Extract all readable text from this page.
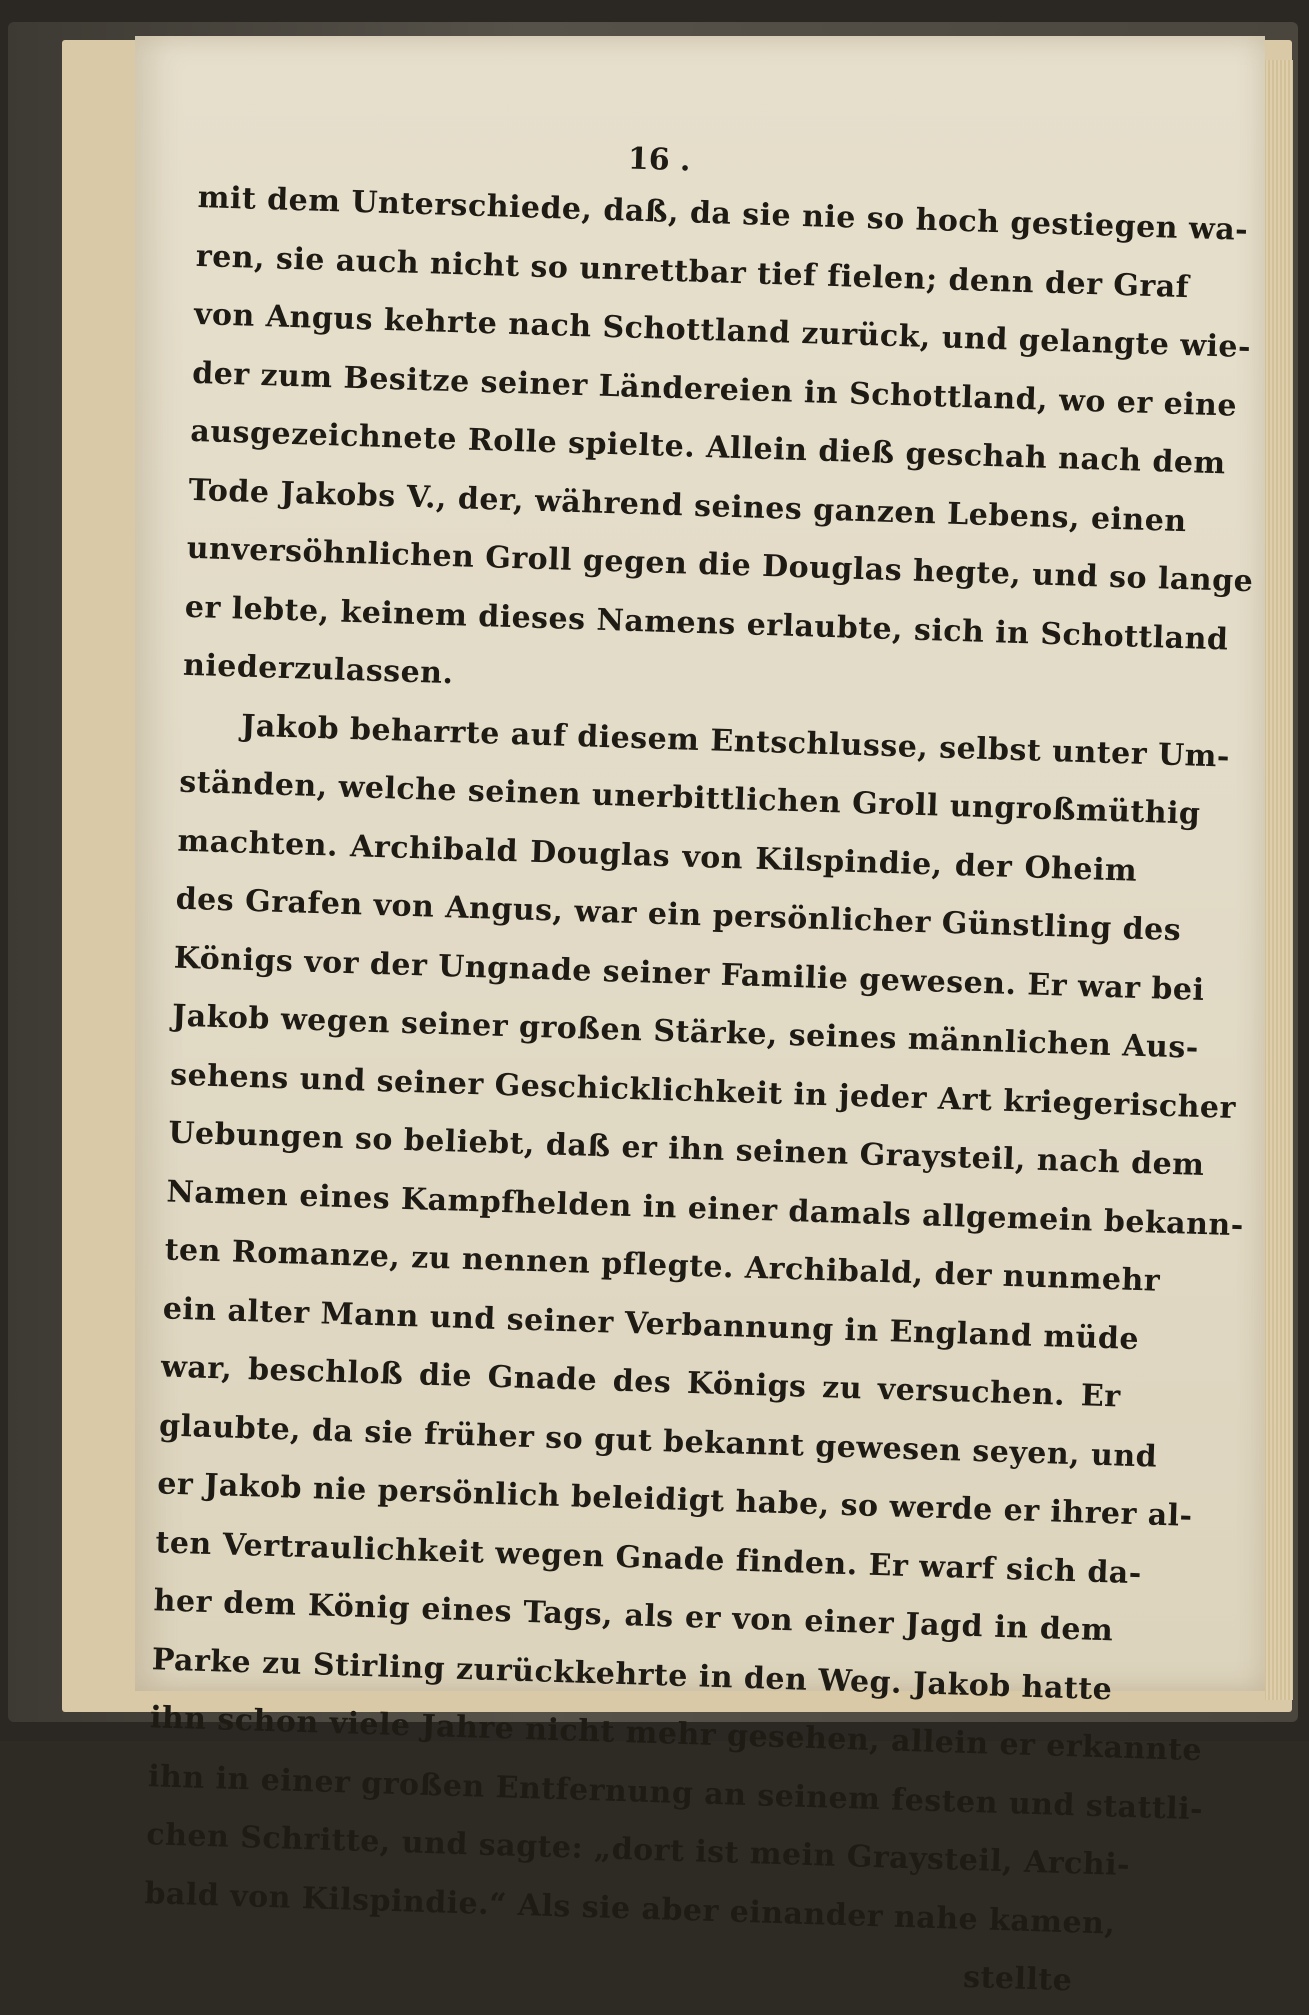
16 .
mit dem Unterschiede, daß, da sie nie so hoch gestiegen wa-
ren, sie auch nicht so unrettbar tief fielen; denn der Graf
von Angus kehrte nach Schottland zurück, und gelangte wie-
der zum Besitze seiner Ländereien in Schottland, wo er eine
ausgezeichnete Rolle spielte. Allein dieß geschah nach dem
Tode Jakobs V., der, während seines ganzen Lebens, einen
unversöhnlichen Groll gegen die Douglas hegte, und so lange
er lebte, keinem dieses Namens erlaubte, sich in Schottland
niederzulassen.
Jakob beharrte auf diesem Entschlusse, selbst unter Um-
ständen, welche seinen unerbittlichen Groll ungroßmüthig
machten. Archibald Douglas von Kilspindie, der Oheim
des Grafen von Angus, war ein persönlicher Günstling des
Königs vor der Ungnade seiner Familie gewesen. Er war bei
Jakob wegen seiner großen Stärke, seines männlichen Aus-
sehens und seiner Geschicklichkeit in jeder Art kriegerischer
Uebungen so beliebt, daß er ihn seinen Graysteil, nach dem
Namen eines Kampfhelden in einer damals allgemein bekann-
ten Romanze, zu nennen pflegte. Archibald, der nunmehr
ein alter Mann und seiner Verbannung in England müde
war, beschloß die Gnade des Königs zu versuchen. Er
glaubte, da sie früher so gut bekannt gewesen seyen, und
er Jakob nie persönlich beleidigt habe, so werde er ihrer al-
ten Vertraulichkeit wegen Gnade finden. Er warf sich da-
her dem König eines Tags, als er von einer Jagd in dem
Parke zu Stirling zurückkehrte in den Weg. Jakob hatte
ihn schon viele Jahre nicht mehr gesehen, allein er erkannte
ihn in einer großen Entfernung an seinem festen und stattli-
chen Schritte, und sagte: „dort ist mein Graysteil, Archi-
bald von Kilspindie.“ Als sie aber einander nahe kamen,
stellte
